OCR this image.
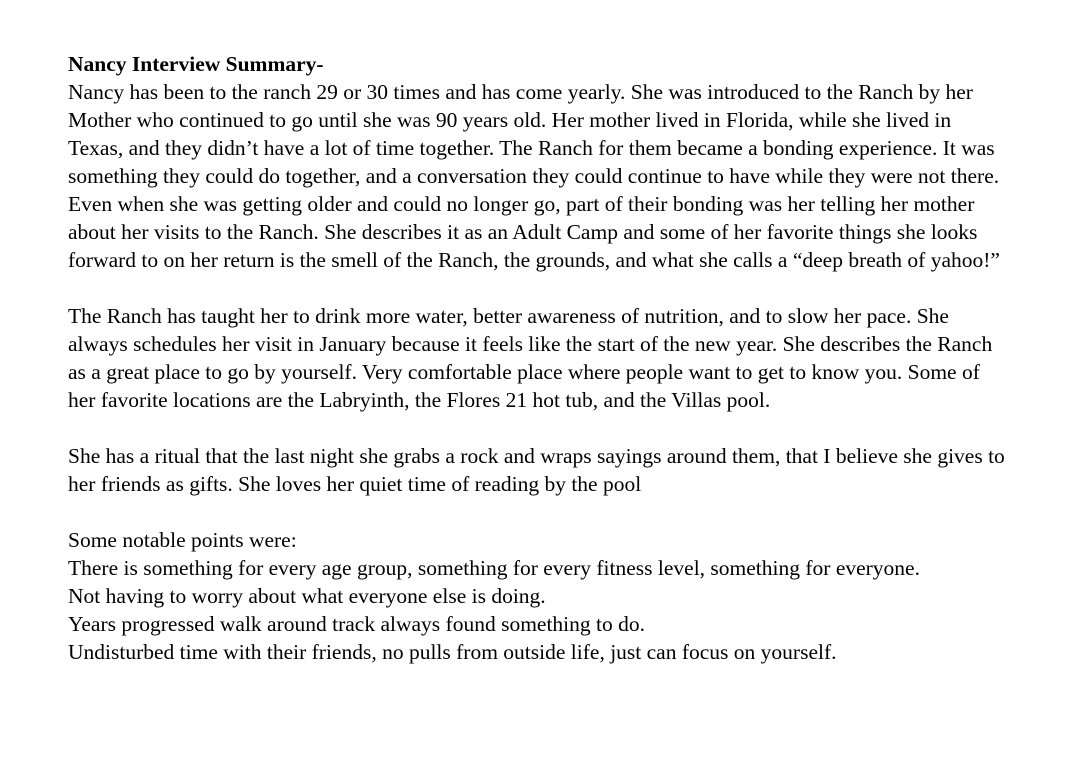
Nancy Interview Summary-

Nancy has been to the ranch 29 or 30 times and has come yearly. She was introduced to the Ranch by her Mother who continued to go until she was 90 years old. Her mother lived in Florida, while she lived in Texas, and they didn’t have a lot of time together. The Ranch for them became a bonding experience. It was something they could do together, and a conversation they could continue to have while they were not there. Even when she was getting older and could no longer go, part of their bonding was her telling her mother about her visits to the Ranch. She describes it as an Adult Camp and some of her favorite things she looks forward to on her return is the smell of the Ranch, the grounds, and what she calls a “deep breath of yahoo!”

The Ranch has taught her to drink more water, better awareness of nutrition, and to slow her pace. She always schedules her visit in January because it feels like the start of the new year. She describes the Ranch as a great place to go by yourself. Very comfortable place where people want to get to know you. Some of her favorite locations are the Labryinth, the Flores 21 hot tub, and the Villas pool.

She has a ritual that the last night she grabs a rock and wraps sayings around them, that I believe she gives to her friends as gifts. She loves her quiet time of reading by the pool

Some notable points were:

There is something for every age group, something for every fitness level, something for everyone.

Not having to worry about what everyone else is doing.

Years progressed walk around track always found something to do.

Undisturbed time with their friends, no pulls from outside life, just can focus on yourself.
